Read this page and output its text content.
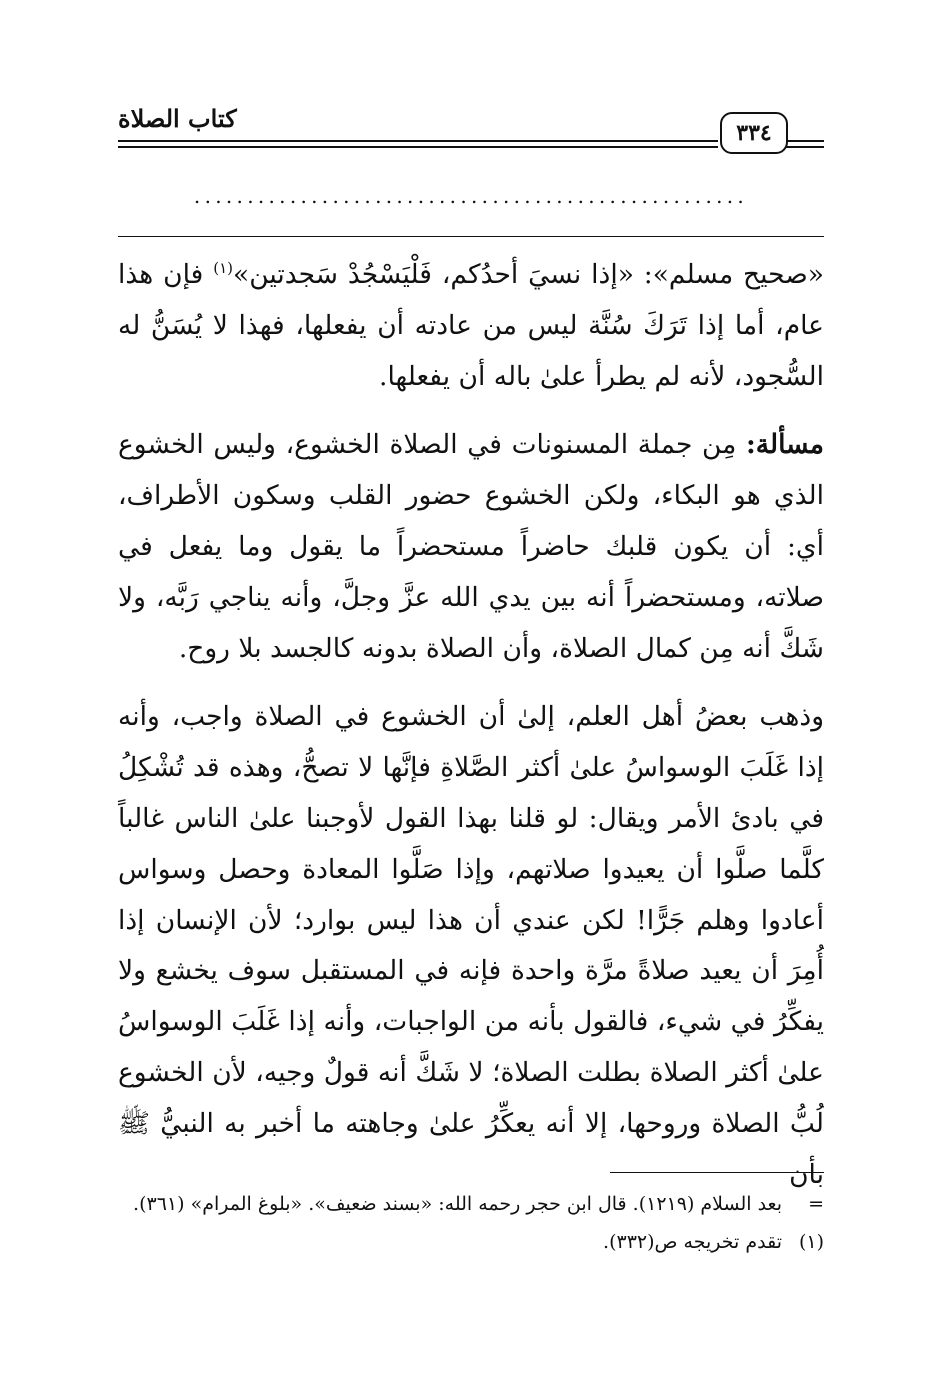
كتاب الصلاة	٣٣٤
....................................................

«صحيح مسلم»: «إذا نسيَ أحدُكم، فَلْيَسْجُدْ سَجدتين»$^{(١)}$ فإن هذا عام، أما إذا تَرَكَ سُنَّة ليس من عادته أن يفعلها، فهذا لا يُسَنُّ له السُّجود، لأنه لم يطرأ علىٰ باله أن يفعلها.

مسألة: مِن جملة المسنونات في الصلاة الخشوع، وليس الخشوع الذي هو البكاء، ولكن الخشوع حضور القلب وسكون الأطراف، أي: أن يكون قلبك حاضراً مستحضراً ما يقول وما يفعل في صلاته، ومستحضراً أنه بين يدي الله عزَّ وجلَّ، وأنه يناجي رَبَّه، ولا شَكَّ أنه مِن كمال الصلاة، وأن الصلاة بدونه كالجسد بلا روح.

وذهب بعضُ أهل العلم، إلىٰ أن الخشوع في الصلاة واجب، وأنه إذا غَلَبَ الوسواسُ علىٰ أكثر الصَّلاةِ فإنَّها لا تصحُّ، وهذه قد تُشْكِلُ في بادئ الأمر ويقال: لو قلنا بهذا القول لأوجبنا علىٰ الناس غالباً كلَّما صلَّوا أن يعيدوا صلاتهم، وإذا صَلَّوا المعادة وحصل وسواس أعادوا وهلم جَرًّا! لكن عندي أن هذا ليس بوارد؛ لأن الإنسان إذا أُمِرَ أن يعيد صلاةً مرَّة واحدة فإنه في المستقبل سوف يخشع ولا يفكِّرُ في شيء، فالقول بأنه من الواجبات، وأنه إذا غَلَبَ الوسواسُ علىٰ أكثر الصلاة بطلت الصلاة؛ لا شَكَّ أنه قولٌ وجيه، لأن الخشوع لُبُّ الصلاة وروحها، إلا أنه يعكِّرُ علىٰ وجاهته ما أخبر به النبيُّ ﷺ بأن

=
بعد السلام (١٢١٩). قال ابن حجر رحمه الله: «بسند ضعيف». «بلوغ المرام» (٣٦١).
(١)
تقدم تخريجه ص(٣٣٢).
